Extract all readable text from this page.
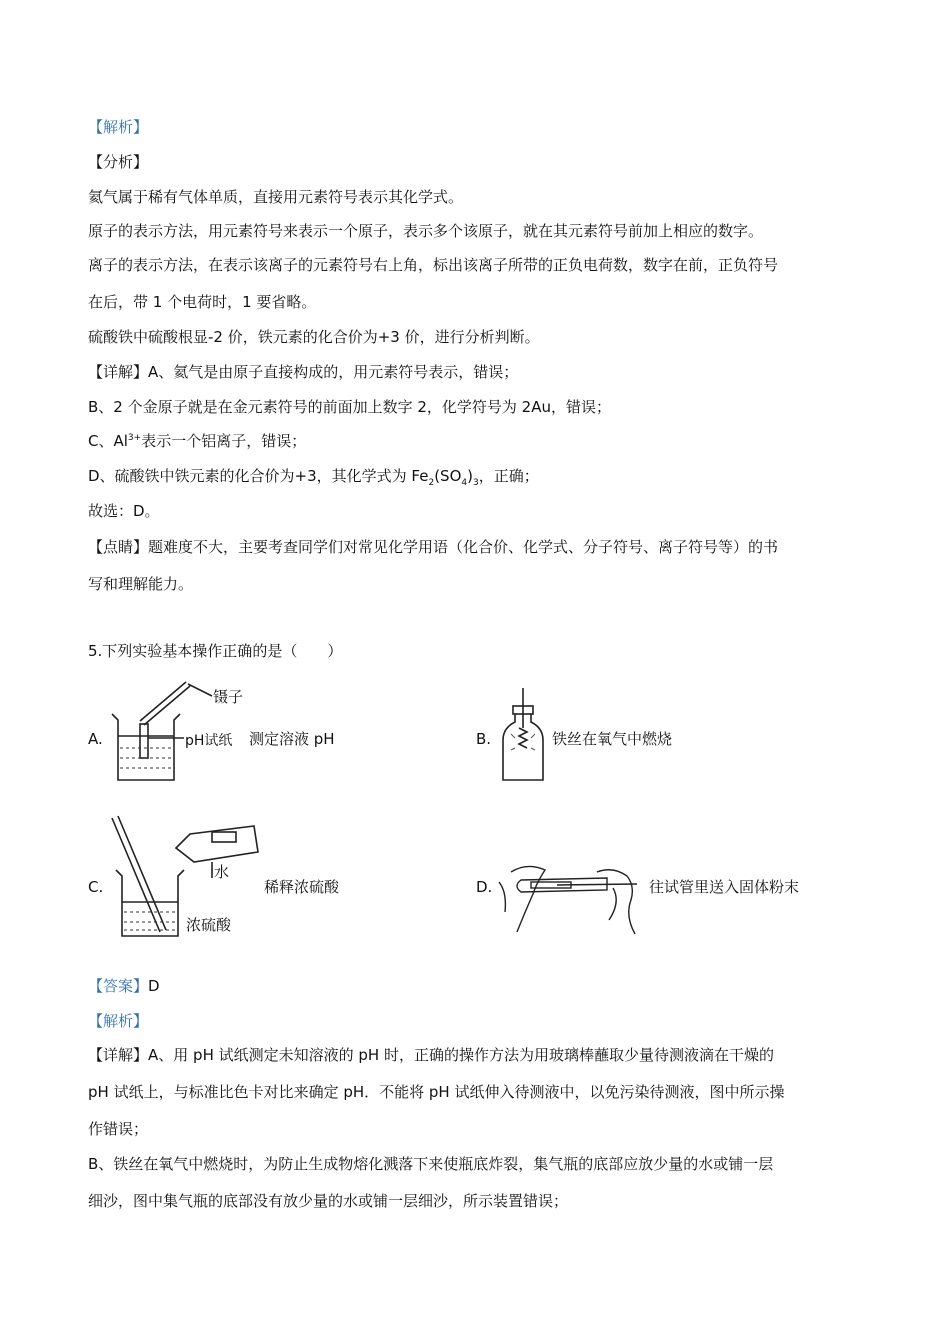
【解析】
【分析】
氦气属于稀有气体单质，直接用元素符号表示其化学式。
原子的表示方法，用元素符号来表示一个原子，表示多个该原子，就在其元素符号前加上相应的数字。
离子的表示方法，在表示该离子的元素符号右上角，标出该离子所带的正负电荷数，数字在前，正负符号
在后，带 1 个电荷时，1 要省略。
硫酸铁中硫酸根显-2 价，铁元素的化合价为+3 价，进行分析判断。
【详解】A、氦气是由原子直接构成的，用元素符号表示，错误；
B、2 个金原子就是在金元素符号的前面加上数字 2，化学符号为 2Au，错误；
C、$Al^{3+}$表示一个铝离子，错误；
D、硫酸铁中铁元素的化合价为+3，其化学式为 $Fe_2(SO_4)_3$，正确；
故选：D。
【点睛】题难度不大，主要考查同学们对常见化学用语（化合价、化学式、分子符号、离子符号等）的书
写和理解能力。
5.下列实验基本操作正确的是（　　）
A.
镊子
pH试纸 测定溶液 pH	B.	铁丝在氧气中燃烧
C.
水
浓硫酸
稀释浓硫酸	D.	往试管里送入固体粉末
【答案】D
【解析】
【详解】A、用 pH 试纸测定未知溶液的 pH 时，正确的操作方法为用玻璃棒蘸取少量待测液滴在干燥的
pH 试纸上，与标准比色卡对比来确定 pH．不能将 pH 试纸伸入待测液中，以免污染待测液，图中所示操
作错误；
B、铁丝在氧气中燃烧时，为防止生成物熔化溅落下来使瓶底炸裂，集气瓶的底部应放少量的水或铺一层
细沙，图中集气瓶的底部没有放少量的水或铺一层细沙，所示装置错误；
